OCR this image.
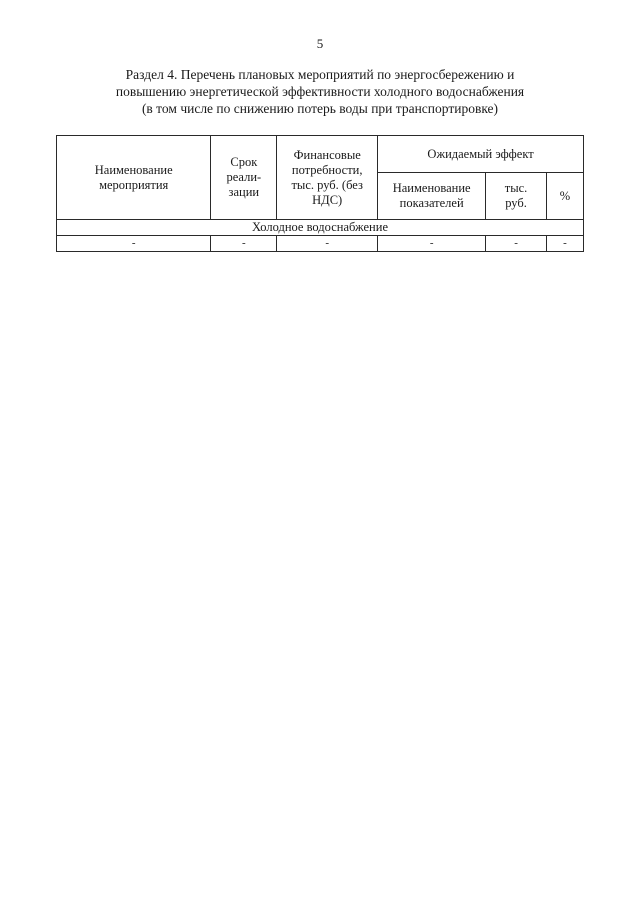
5
Раздел 4. Перечень плановых мероприятий по энергосбережению и
повышению энергетической эффективности холодного водоснабжения
(в том числе по снижению потерь воды при транспортировке)
Наименование мероприятия	Срок реали-зации	Финансовые потребности, тыс. руб. (без НДС)	Ожидаемый эффект		
			Наименование показателей	тыс. руб.	%
Холодное водоснабжение					
-	-	-	-	-	-
